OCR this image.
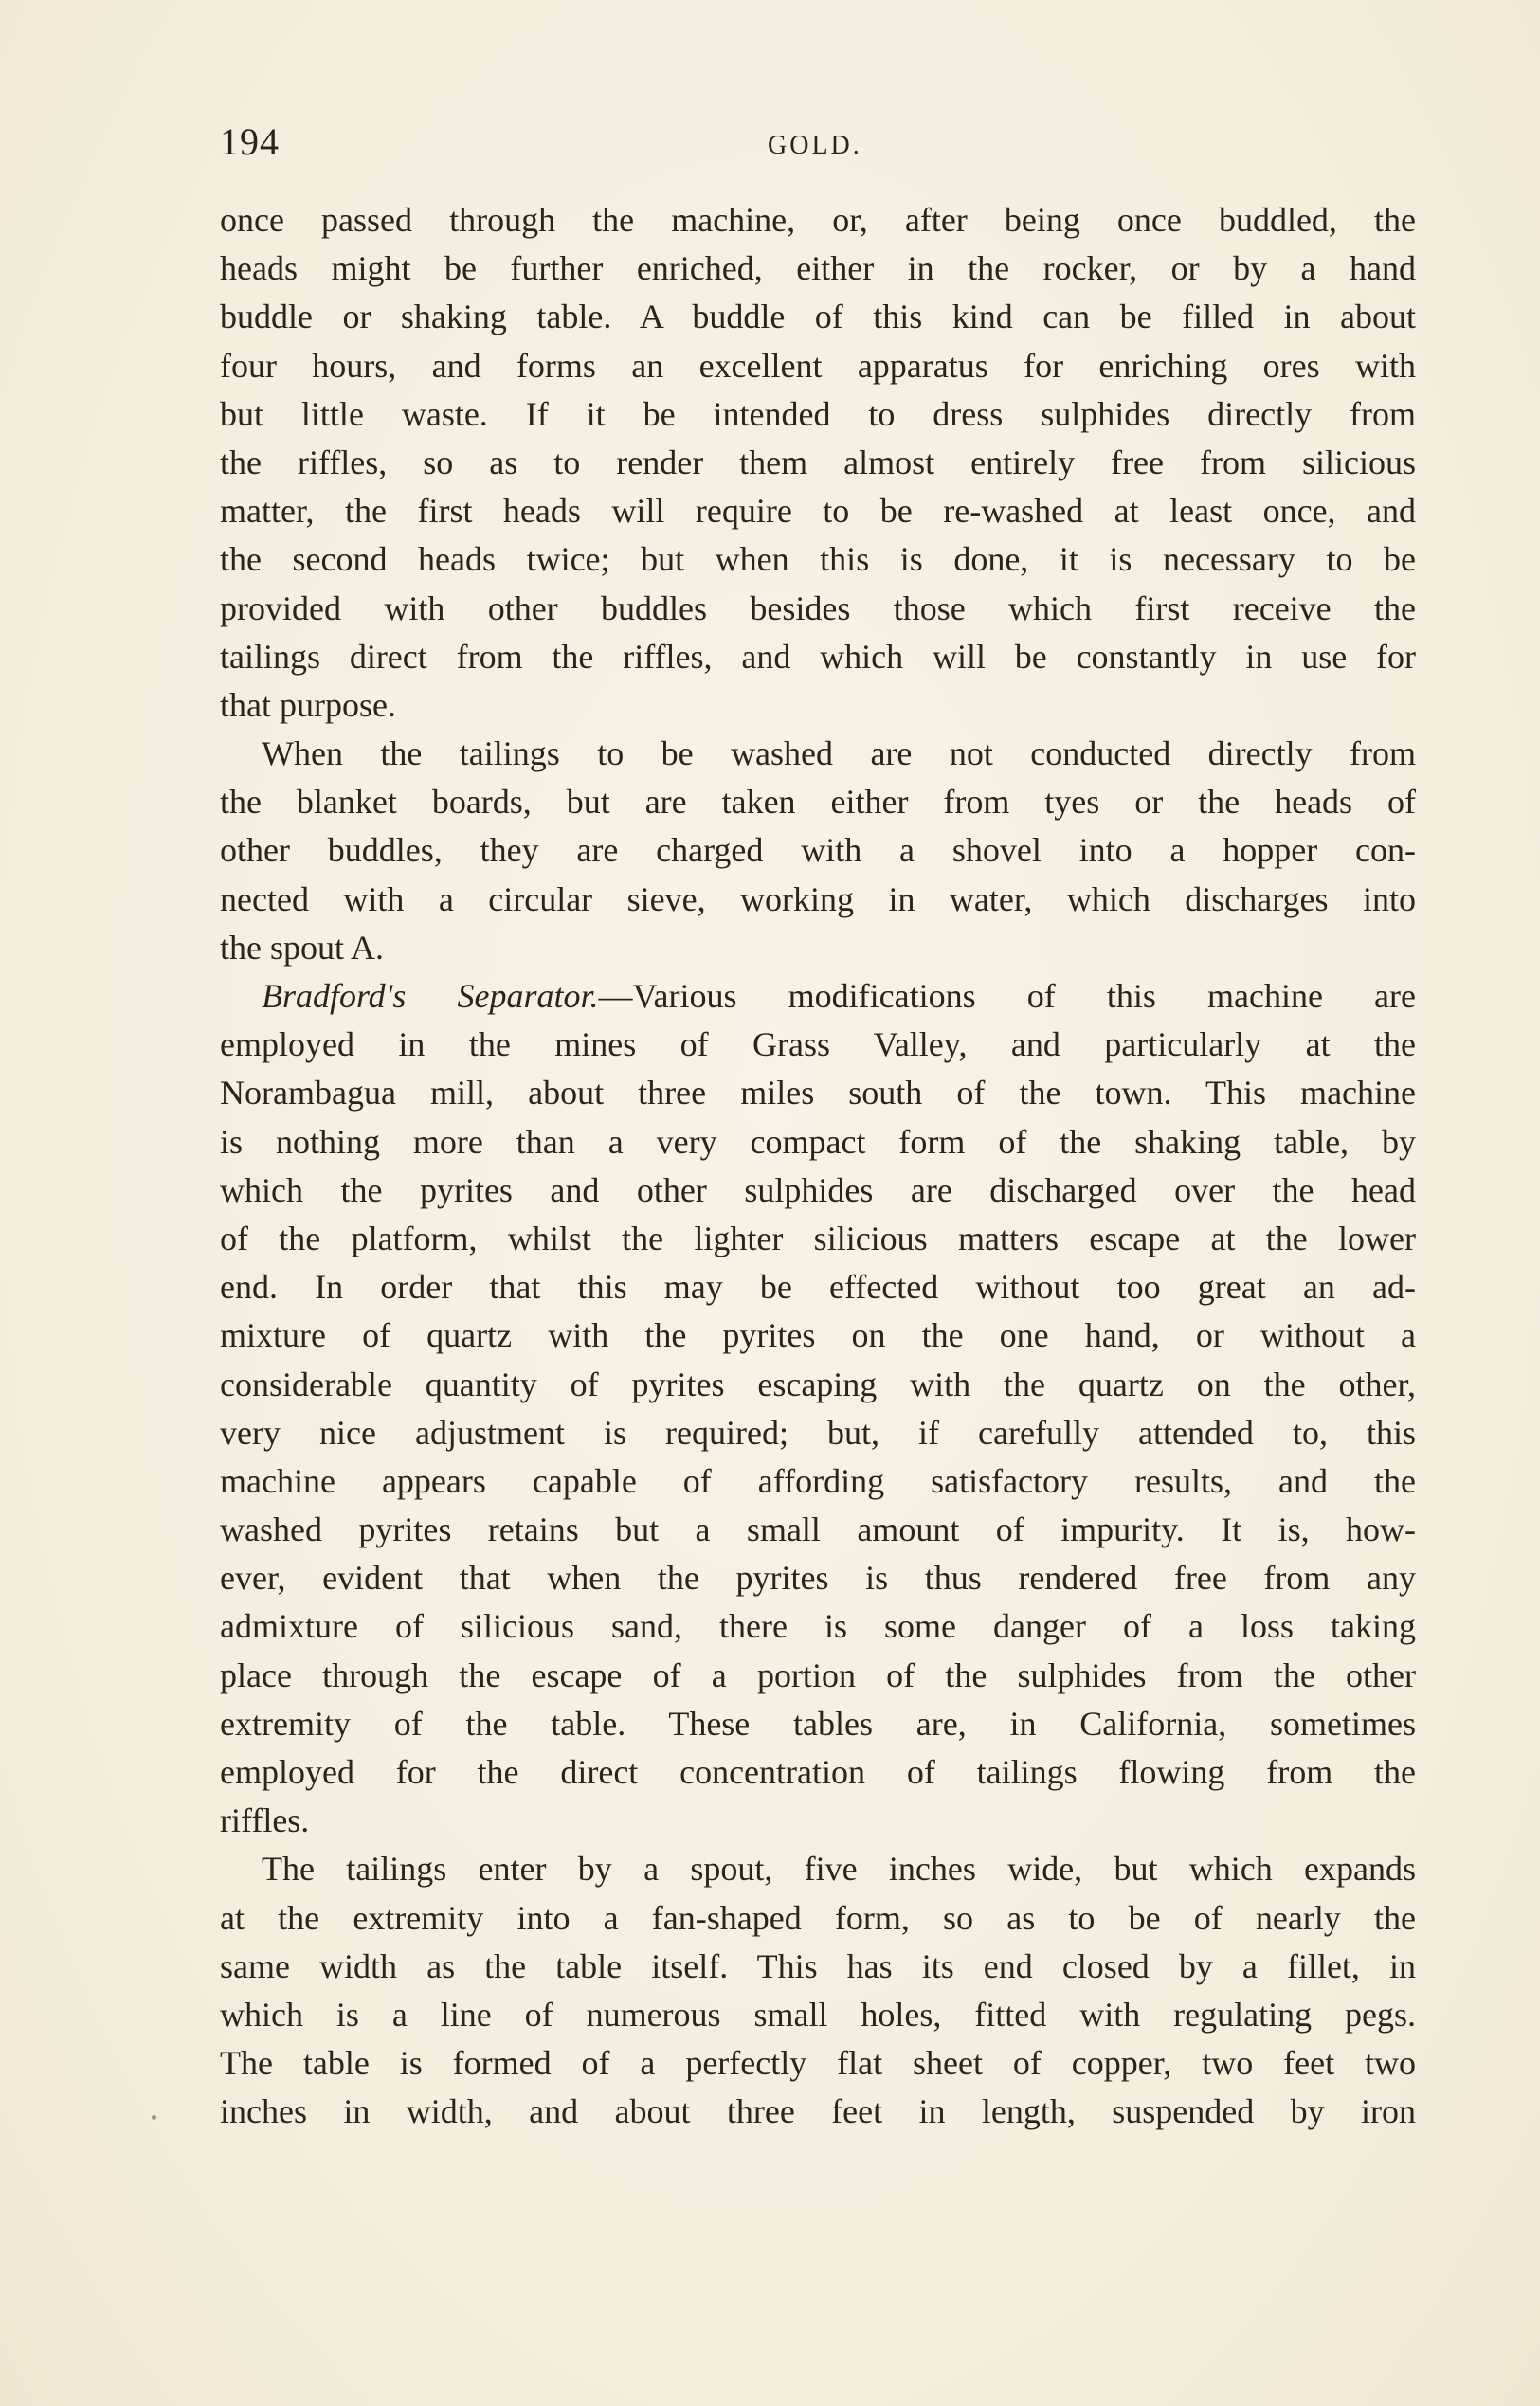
194	GOLD.
once passed through the machine, or, after being once buddled, the
heads might be further enriched, either in the rocker, or by a hand
buddle or shaking table. A buddle of this kind can be filled in about
four hours, and forms an excellent apparatus for enriching ores with
but little waste. If it be intended to dress sulphides directly from
the riffles, so as to render them almost entirely free from silicious
matter, the first heads will require to be re-washed at least once, and
the second heads twice; but when this is done, it is necessary to be
provided with other buddles besides those which first receive the
tailings direct from the riffles, and which will be constantly in use for
that purpose.
When the tailings to be washed are not conducted directly from
the blanket boards, but are taken either from tyes or the heads of
other buddles, they are charged with a shovel into a hopper con-
nected with a circular sieve, working in water, which discharges into
the spout A.
Bradford's Separator.—Various modifications of this machine are
employed in the mines of Grass Valley, and particularly at the
Norambagua mill, about three miles south of the town. This machine
is nothing more than a very compact form of the shaking table, by
which the pyrites and other sulphides are discharged over the head
of the platform, whilst the lighter silicious matters escape at the lower
end. In order that this may be effected without too great an ad-
mixture of quartz with the pyrites on the one hand, or without a
considerable quantity of pyrites escaping with the quartz on the other,
very nice adjustment is required; but, if carefully attended to, this
machine appears capable of affording satisfactory results, and the
washed pyrites retains but a small amount of impurity. It is, how-
ever, evident that when the pyrites is thus rendered free from any
admixture of silicious sand, there is some danger of a loss taking
place through the escape of a portion of the sulphides from the other
extremity of the table. These tables are, in California, sometimes
employed for the direct concentration of tailings flowing from the
riffles.
The tailings enter by a spout, five inches wide, but which expands
at the extremity into a fan-shaped form, so as to be of nearly the
same width as the table itself. This has its end closed by a fillet, in
which is a line of numerous small holes, fitted with regulating pegs.
The table is formed of a perfectly flat sheet of copper, two feet two
inches in width, and about three feet in length, suspended by iron
